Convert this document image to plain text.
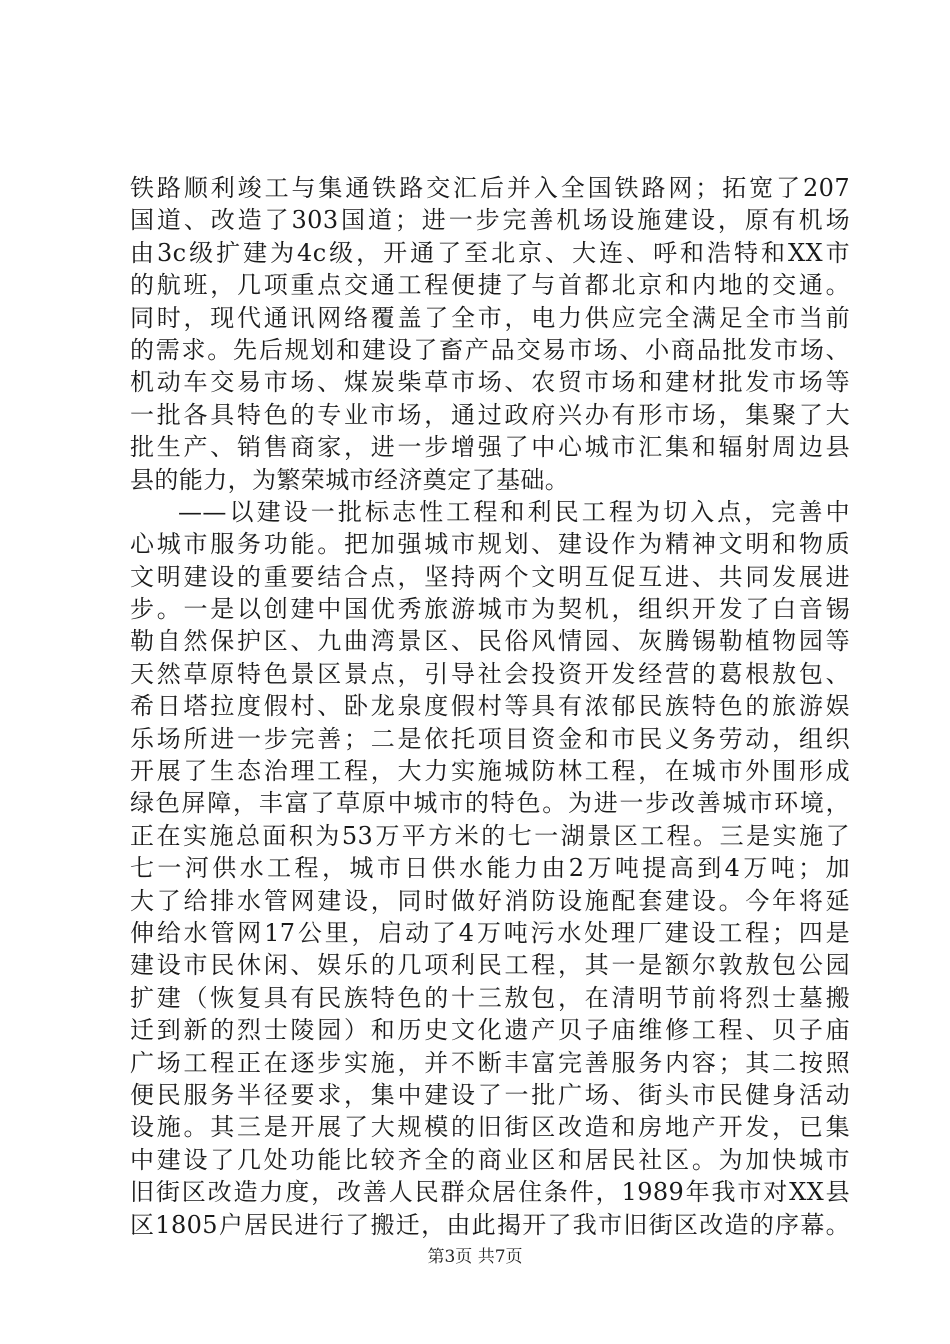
铁路顺利竣工与集通铁路交汇后并入全国铁路网；拓宽了207
国道、改造了303国道；进一步完善机场设施建设，原有机场
由3c级扩建为4c级，开通了至北京、大连、呼和浩特和XX市
的航班，几项重点交通工程便捷了与首都北京和内地的交通。
同时，现代通讯网络覆盖了全市，电力供应完全满足全市当前
的需求。先后规划和建设了畜产品交易市场、小商品批发市场、
机动车交易市场、煤炭柴草市场、农贸市场和建材批发市场等
一批各具特色的专业市场，通过政府兴办有形市场，集聚了大
批生产、销售商家，进一步增强了中心城市汇集和辐射周边县
县的能力，为繁荣城市经济奠定了基础。
——以建设一批标志性工程和利民工程为切入点，完善中
心城市服务功能。把加强城市规划、建设作为精神文明和物质
文明建设的重要结合点，坚持两个文明互促互进、共同发展进
步。一是以创建中国优秀旅游城市为契机，组织开发了白音锡
勒自然保护区、九曲湾景区、民俗风情园、灰腾锡勒植物园等
天然草原特色景区景点，引导社会投资开发经营的葛根敖包、
希日塔拉度假村、卧龙泉度假村等具有浓郁民族特色的旅游娱
乐场所进一步完善；二是依托项目资金和市民义务劳动，组织
开展了生态治理工程，大力实施城防林工程，在城市外围形成
绿色屏障，丰富了草原中城市的特色。为进一步改善城市环境，
正在实施总面积为53万平方米的七一湖景区工程。三是实施了
七一河供水工程，城市日供水能力由2万吨提高到4万吨；加
大了给排水管网建设，同时做好消防设施配套建设。今年将延
伸给水管网17公里，启动了4万吨污水处理厂建设工程；四是
建设市民休闲、娱乐的几项利民工程，其一是额尔敦敖包公园
扩建（恢复具有民族特色的十三敖包，在清明节前将烈士墓搬
迁到新的烈士陵园）和历史文化遗产贝子庙维修工程、贝子庙
广场工程正在逐步实施，并不断丰富完善服务内容；其二按照
便民服务半径要求，集中建设了一批广场、街头市民健身活动
设施。其三是开展了大规模的旧街区改造和房地产开发，已集
中建设了几处功能比较齐全的商业区和居民社区。为加快城市
旧街区改造力度，改善人民群众居住条件，1989年我市对XX县
区1805户居民进行了搬迁，由此揭开了我市旧街区改造的序幕。
第3页 共7页
